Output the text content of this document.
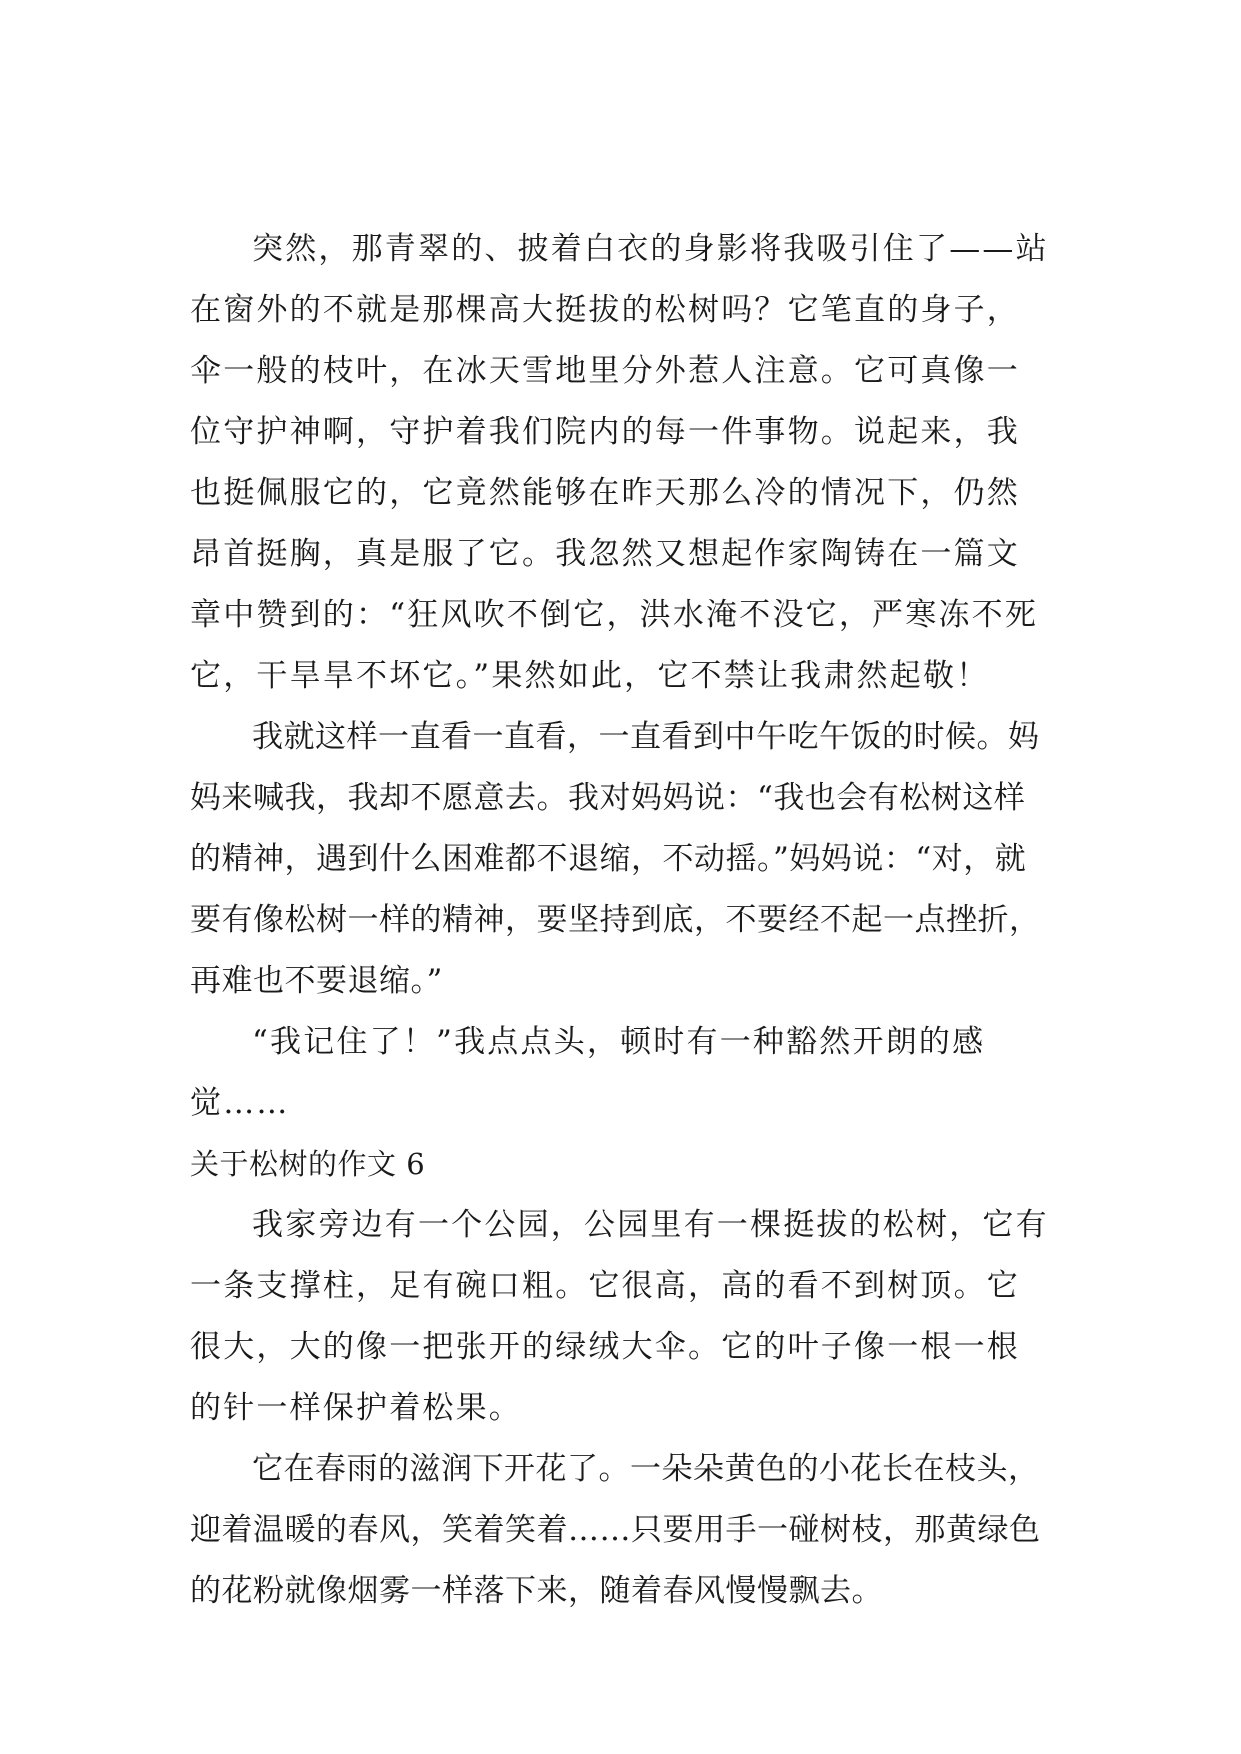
突然，那青翠的、披着白衣的身影将我吸引住了——站在窗外的不就是那棵高大挺拔的松树吗？它笔直的身子，伞一般的枝叶，在冰天雪地里分外惹人注意。它可真像一位守护神啊，守护着我们院内的每一件事物。说起来，我也挺佩服它的，它竟然能够在昨天那么冷的情况下，仍然昂首挺胸，真是服了它。我忽然又想起作家陶铸在一篇文章中赞到的：“狂风吹不倒它，洪水淹不没它，严寒冻不死它，干旱旱不坏它。”果然如此，它不禁让我肃然起敬！

我就这样一直看一直看，一直看到中午吃午饭的时候。妈妈来喊我，我却不愿意去。我对妈妈说：“我也会有松树这样的精神，遇到什么困难都不退缩，不动摇。”妈妈说：“对，就要有像松树一样的精神，要坚持到底，不要经不起一点挫折，再难也不要退缩。”

“我记住了！”我点点头，顿时有一种豁然开朗的感觉……

关于松树的作文 6

我家旁边有一个公园，公园里有一棵挺拔的松树，它有一条支撑柱，足有碗口粗。它很高，高的看不到树顶。它很大，大的像一把张开的绿绒大伞。它的叶子像一根一根的针一样保护着松果。

它在春雨的滋润下开花了。一朵朵黄色的小花长在枝头，迎着温暖的春风，笑着笑着……只要用手一碰树枝，那黄绿色的花粉就像烟雾一样落下来，随着春风慢慢飘去。
